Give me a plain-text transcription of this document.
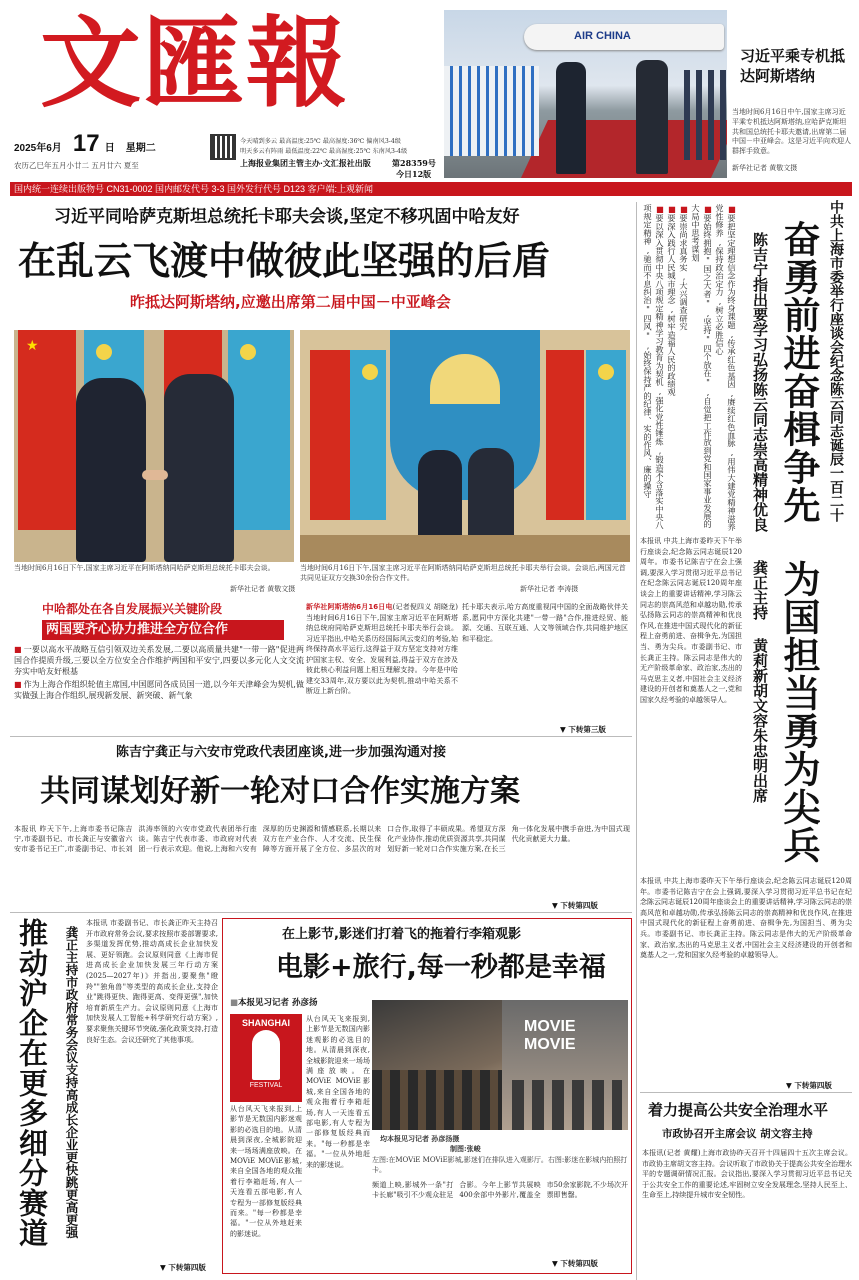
文匯報
2025年6月 17 日 星期二
农历乙巳年五月小廿二 五月廿六 夏至
今天晴到多云 最高温度:25℃ 最高湿度:36℃ 偏南风3-4级
明天多云有阵雨 最低温度:22℃ 最高湿度:25℃ 东南风3-4级
上海报业集团主管主办·文汇报社出版	第28359号
今日12版
AIR CHINA
习近平乘专机抵达阿斯塔纳
当地时间6月16日中午,国家主席习近平乘专机抵达阿斯塔纳,应哈萨克斯坦共和国总统托卡耶夫邀请,出席第二届中国－中亚峰会。这是习近平向欢迎人群挥手致意。
新华社记者 黄敬文摄
国内统一连续出版物号 CN31-0002 国内邮发代号 3-3 国外发行代号 D123 客户端:上观新闻
习近平同哈萨克斯坦总统托卡耶夫会谈,坚定不移巩固中哈友好
在乱云飞渡中做彼此坚强的后盾
昨抵达阿斯塔纳,应邀出席第二届中国－中亚峰会
★
当地时间6月16日下午,国家主席习近平在阿斯塔纳同哈萨克斯坦总统托卡耶夫会谈。
新华社记者 黄敬文摄
当地时间6月16日下午,国家主席习近平在阿斯塔纳同哈萨克斯坦总统托卡耶夫举行会谈。会谈后,两国元首共同见证双方交换30余份合作文件。
新华社记者 李涛摄
中哈都处在各自发展振兴关键阶段
两国要齐心协力推进全方位合作
■ 一要以高水平战略互信引领双边关系发展,二要以高质量共建"一带一路"促进两国合作提质升级,三要以全方位安全合作维护两国和平安宁,四要以多元化人文交流夯实中哈友好根基
■ 作为上海合作组织轮值主席国,中国愿同各成员国一道,以今年天津峰会为契机,做实做强上海合作组织,展现新发展、新突破、新气象
新华社阿斯塔纳6月16日电(记者倪四义 胡晓龙)当地时间6月16日下午,国家主席习近平在阿斯塔纳总统府同哈萨克斯坦总统托卡耶夫举行会谈。习近平指出,中哈关系历经国际风云变幻的考验,始终保持高水平运行,这得益于双方坚定支持对方维护国家主权、安全、发展利益,得益于双方在涉及彼此核心利益问题上相互理解支持。今年是中哈建交33周年,双方要以此为契机,推动中哈关系不断迈上新台阶。
托卡耶夫表示,哈方高度重视同中国的全面战略伙伴关系,愿同中方深化共建"一带一路"合作,推进经贸、能源、交通、互联互通、人文等领域合作,共同维护地区和平稳定。
▼ 下转第三版
■ 要把坚定理想信念作为终身课题,传承红色基因,赓续红色血脉,用伟大建党精神滋养党性修养,保持政治定力,树立必胜信心
■ 要始终拥抱"国之大者",坚持"四个放在",自觉把工作放到党和国家事业发展的大局中思考谋划
■ 要崇尚求真务实,大兴调查研究
■ 要深入践行人民城市理念,树牢造福人民的政绩观
■ 要以深入贯彻中央八项规定精神学习教育为契机,强化党性锤炼,锻造不含落实中央八项规定精神,驰而不息纠治"四风",始终保持严的纪律、实的作风、廉的操守	中共上海市委举行座谈会纪念陈云同志诞辰一百二十
奋勇前进奋楫争先
为国担当勇为尖兵
陈吉宁指出要学习弘扬陈云同志崇高精神优良
龚正主持 黄莉新胡文容朱忠明出席
本报讯 中共上海市委昨天下午举行座谈会,纪念陈云同志诞辰120周年。市委书记陈吉宁在会上强调,要深入学习贯彻习近平总书记在纪念陈云同志诞辰120周年座谈会上的重要讲话精神,学习陈云同志的崇高风范和卓越功勋,传承弘扬陈云同志的崇高精神和优良作风,在推进中国式现代化的新征程上奋勇前进、奋楫争先,为国担当、勇为尖兵。市委副书记、市长龚正主持。陈云同志是伟大的无产阶级革命家、政治家,杰出的马克思主义者,中国社会主义经济建设的开创者和奠基人之一,党和国家久经考验的卓越领导人。
本报讯 中共上海市委昨天下午举行座谈会,纪念陈云同志诞辰120周年。市委书记陈吉宁在会上强调,要深入学习贯彻习近平总书记在纪念陈云同志诞辰120周年座谈会上的重要讲话精神,学习陈云同志的崇高风范和卓越功勋,传承弘扬陈云同志的崇高精神和优良作风,在推进中国式现代化的新征程上奋勇前进、奋楫争先,为国担当、勇为尖兵。市委副书记、市长龚正主持。陈云同志是伟大的无产阶级革命家、政治家,杰出的马克思主义者,中国社会主义经济建设的开创者和奠基人之一,党和国家久经考验的卓越领导人。
▼ 下转第四版
陈吉宁龚正与六安市党政代表团座谈,进一步加强沟通对接
共同谋划好新一轮对口合作实施方案
本报讯 昨天下午,上海市委书记陈吉宁,市委副书记、市长龚正与安徽省六安市委书记王广,市委副书记、市长刘洪涛率领的六安市党政代表团举行座谈。陈吉宁代表市委、市政府对代表团一行表示欢迎。他说,上海和六安有深厚的历史渊源和情感联系,长期以来双方在产业合作、人才交流、民生保障等方面开展了全方位、多层次的对口合作,取得了丰硕成果。希望双方深化产业协作,推动优质资源共享,共同谋划好新一轮对口合作实施方案,在长三角一体化发展中携手奋进,为中国式现代化贡献更大力量。
▼ 下转第四版
推动沪企在更多细分赛道	龚正主持市政府常务会议支持高成长企业更快跳更高更强
本报讯 市委副书记、市长龚正昨天主持召开市政府常务会议,要求按照市委部署要求,多渠道发挥优势,推动高成长企业加快发展、更好领跑。会议原则同意《上海市促进高成长企业加快发展三年行动方案(2025—2027年)》并指出,要聚焦"瞪羚""独角兽"等类型的高成长企业,支持企业"跳得更快、跑得更高、变得更强",加快培育新质生产力。会议原则同意《上海市加快发展人工智能+科学研究行动方案》,要求聚焦关键环节突破,强化政策支持,打造良好生态。会议还研究了其他事项。
▼ 下转第四版
在上影节,影迷们打着飞的拖着行李箱观影
电影+旅行,每一秒都是幸福
■本报见习记者 孙彦扬
SHANGHAI
FESTIVAL
从台风天飞来报到,上影节是无数国内影迷观影的必选目的地。从清晨到深夜,全城影院迎来一场场满座放映。在MOViE MOViE影城,来自全国各地的观众拖着行李箱赶场,有人一天连看五部电影,有人专程为一部修复版经典而来。"每一秒都是幸福。"一位从外地赶来的影迷说。
从台风天飞来报到,上影节是无数国内影迷观影的必选目的地。从清晨到深夜,全城影院迎来一场场满座放映。在MOViE MOViE影城,来自全国各地的观众拖着行李箱赶场,有人一天连看五部电影,有人专程为一部修复版经典而来。"每一秒都是幸福。"一位从外地赶来的影迷说。
MOVIE
MOVIE
均本报见习记者 孙彦扬摄
制图:张峻
左图:在MOViE MOViE影城,影迷们在排队进入观影厅。右图:影迷在影城内拍照打卡。
频道上映,影城外一条"打卡长廊"吸引不少观众驻足合影。今年上影节共展映400余部中外影片,覆盖全市50余家影院,不少场次开票即售罄。
▼ 下转第四版
着力提高公共安全治理水平
市政协召开主席会议 胡文容主持
本报讯(记者 黄耀)上海市政协昨天召开十四届四十五次主席会议。市政协主席胡文容主持。会议听取了市政协关于提高公共安全治理水平的专题调研情况汇报。会议指出,要深入学习贯彻习近平总书记关于公共安全工作的重要论述,牢固树立安全发展理念,坚持人民至上、生命至上,持续提升城市安全韧性。
